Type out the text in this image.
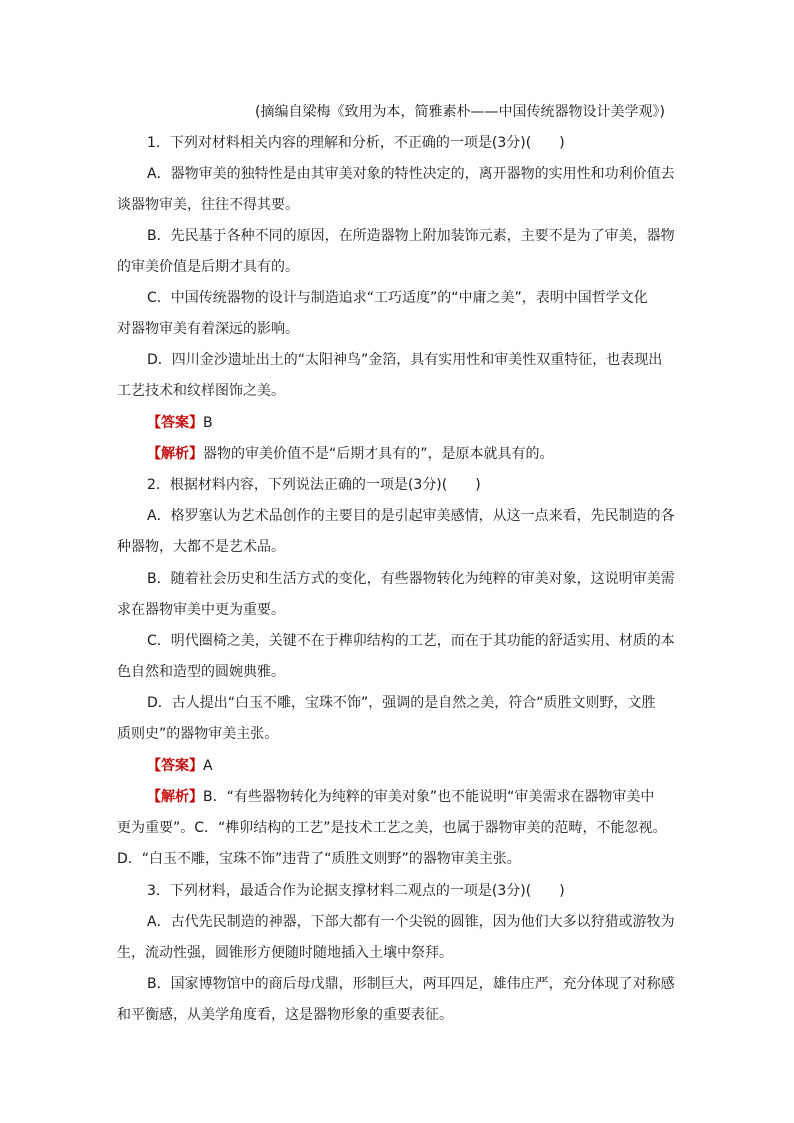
(摘编自梁梅《致用为本，简雅素朴——中国传统器物设计美学观》)
1．下列对材料相关内容的理解和分析，不正确的一项是(3分)(　　)
A．器物审美的独特性是由其审美对象的特性决定的，离开器物的实用性和功利价值去
谈器物审美，往往不得其要。
B．先民基于各种不同的原因，在所造器物上附加装饰元素，主要不是为了审美，器物
的审美价值是后期才具有的。
C．中国传统器物的设计与制造追求“工巧适度”的“中庸之美”，表明中国哲学文化
对器物审美有着深远的影响。
D．四川金沙遗址出土的“太阳神鸟”金箔，具有实用性和审美性双重特征，也表现出
工艺技术和纹样图饰之美。
【答案】B
【解析】器物的审美价值不是“后期才具有的”，是原本就具有的。
2．根据材料内容，下列说法正确的一项是(3分)(　　)
A．格罗塞认为艺术品创作的主要目的是引起审美感情，从这一点来看，先民制造的各
种器物，大都不是艺术品。
B．随着社会历史和生活方式的变化，有些器物转化为纯粹的审美对象，这说明审美需
求在器物审美中更为重要。
C．明代圈椅之美，关键不在于榫卯结构的工艺，而在于其功能的舒适实用、材质的本
色自然和造型的圆婉典雅。
D．古人提出“白玉不雕，宝珠不饰”，强调的是自然之美，符合“质胜文则野，文胜
质则史”的器物审美主张。
【答案】A
【解析】B．“有些器物转化为纯粹的审美对象”也不能说明“审美需求在器物审美中
更为重要”。C．“榫卯结构的工艺”是技术工艺之美，也属于器物审美的范畴，不能忽视。
D．“白玉不雕，宝珠不饰”违背了“质胜文则野”的器物审美主张。
3．下列材料，最适合作为论据支撑材料二观点的一项是(3分)(　　)
A．古代先民制造的神器，下部大都有一个尖锐的圆锥，因为他们大多以狩猎或游牧为
生，流动性强，圆锥形方便随时随地插入土壤中祭拜。
B．国家博物馆中的商后母戊鼎，形制巨大，两耳四足，雄伟庄严，充分体现了对称感
和平衡感，从美学角度看，这是器物形象的重要表征。
